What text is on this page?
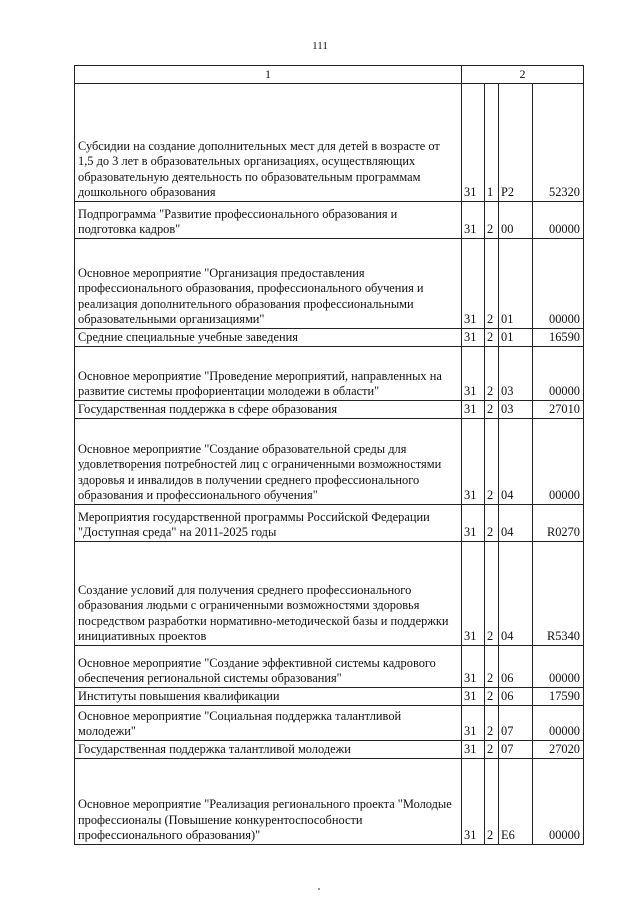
111
1	2			
Субсидии на создание дополнительных мест для детей в возрасте от 1,5 до 3 лет в образовательных организациях, осуществляющих образовательную деятельность по образовательным программам дошкольного образования	31	1	P2	52320
Подпрограмма "Развитие профессионального образования и подготовка кадров"	31	2	00	00000
Основное мероприятие "Организация предоставления профессионального образования, профессионального обучения и реализация дополнительного образования профессиональными образовательными организациями"	31	2	01	00000
Средние специальные учебные заведения	31	2	01	16590
Основное мероприятие "Проведение мероприятий, направленных на развитие системы профориентации молодежи в области"	31	2	03	00000
Государственная поддержка в сфере образования	31	2	03	27010
Основное мероприятие "Создание образовательной среды для удовлетворения потребностей лиц с ограниченными возможностями здоровья и инвалидов в получении среднего профессионального образования и профессионального обучения"	31	2	04	00000
Мероприятия государственной программы Российской Федерации "Доступная среда" на 2011-2025 годы	31	2	04	R0270
Создание условий для получения среднего профессионального образования людьми с ограниченными возможностями здоровья посредством разработки нормативно-методической базы и поддержки инициативных проектов	31	2	04	R5340
Основное мероприятие "Создание эффективной системы кадрового обеспечения региональной системы образования"	31	2	06	00000
Институты повышения квалификации	31	2	06	17590
Основное мероприятие "Социальная поддержка талантливой молодежи"	31	2	07	00000
Государственная поддержка талантливой молодежи	31	2	07	27020
Основное мероприятие "Реализация регионального проекта "Молодые профессионалы (Повышение конкурентоспособности профессионального образования)"	31	2	E6	00000
